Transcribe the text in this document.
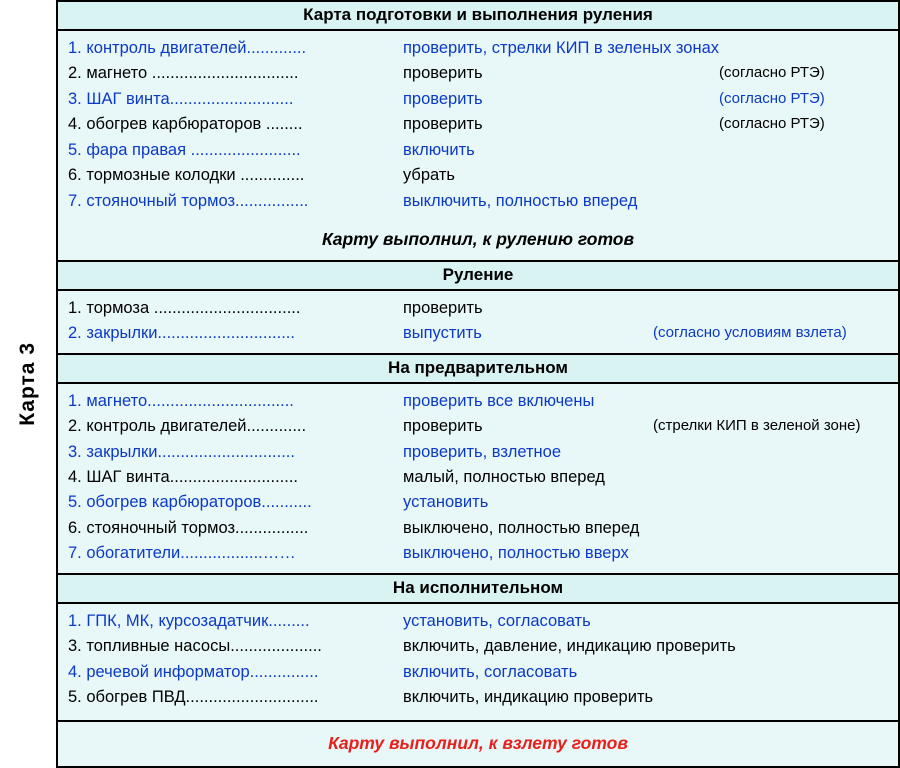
Карта 3
Карта подготовки и выполнения руления
1. контроль двигателей.............	проверить, стрелки КИП в зеленых зонах	
2. магнето ................................	проверить	(согласно РТЭ)
3. ШАГ винта...........................	проверить	(согласно РТЭ)
4. обогрев карбюраторов ........	проверить	(согласно РТЭ)
5. фара правая ........................	включить	
6. тормозные колодки ..............	убрать	
7. стояночный тормоз................	выключить, полностью вперед	
Карту выполнил, к рулению готов
Руление
1. тормоза ................................	проверить	
2. закрылки..............................	выпустить	(согласно условиям взлета)
На предварительном
1. магнето................................	проверить все включены	
2. контроль двигателей.............	проверить	(стрелки КИП в зеленой зоне)
3. закрылки..............................	проверить, взлетное	
4. ШАГ винта............................	малый, полностью вперед	
5. обогрев карбюраторов...........	установить	
6. стояночный тормоз................	выключено, полностью вперед	
7. обогатители..................……	выключено, полностью вверх	
На исполнительном
1. ГПК, МК, курсозадатчик.........	установить, согласовать	
3. топливные насосы....................	включить, давление, индикацию проверить	
4. речевой информатор...............	включить, согласовать	
5. обогрев ПВД.............................	включить, индикацию проверить	
Карту выполнил, к взлету готов
